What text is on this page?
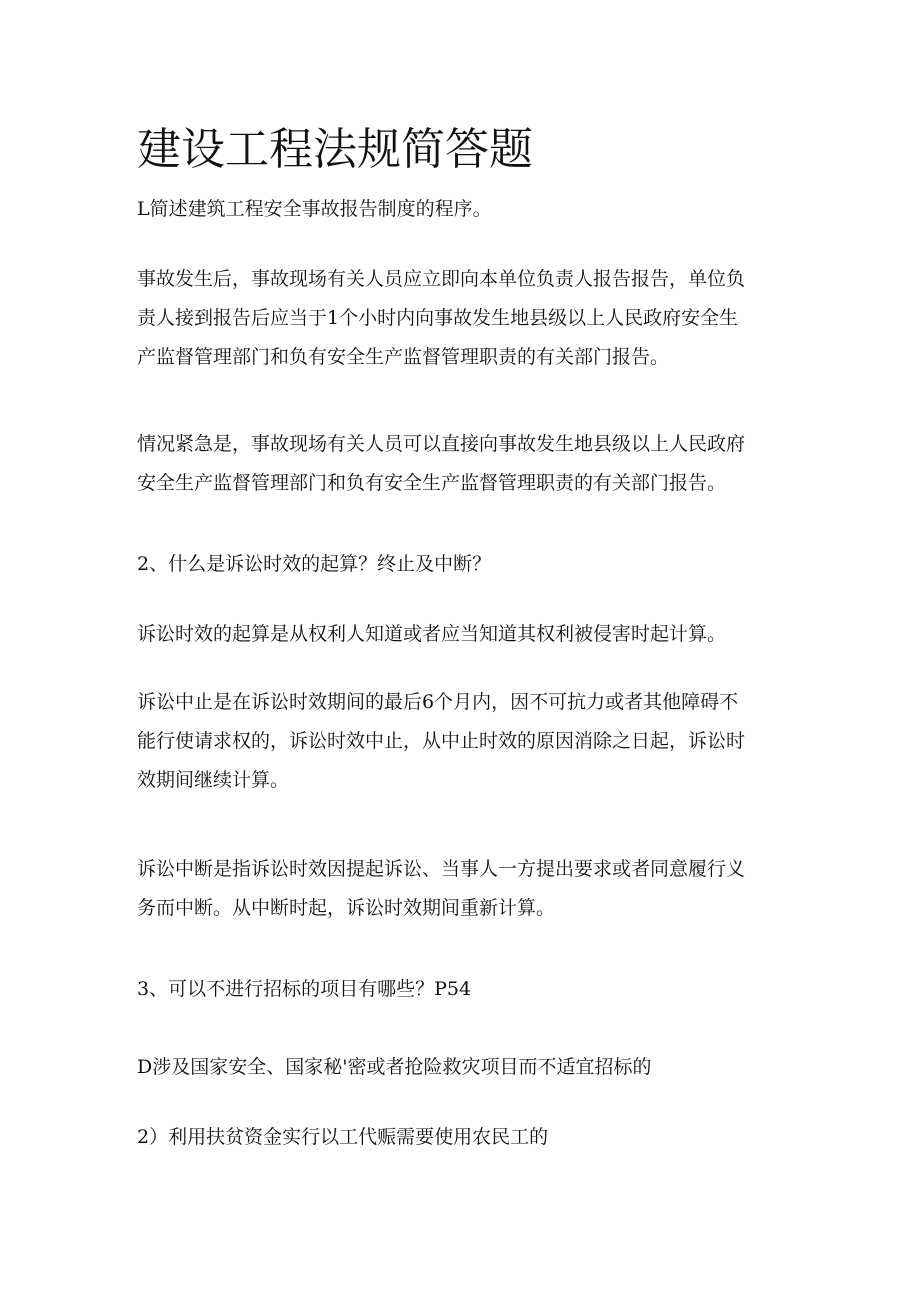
建设工程法规简答题

L简述建筑工程安全事故报告制度的程序。

事故发生后，事故现场有关人员应立即向本单位负责人报告报告，单位负
责人接到报告后应当于1个小时内向事故发生地县级以上人民政府安全生
产监督管理部门和负有安全生产监督管理职责的有关部门报告。

情况紧急是，事故现场有关人员可以直接向事故发生地县级以上人民政府
安全生产监督管理部门和负有安全生产监督管理职责的有关部门报告。

2、什么是诉讼时效的起算？终止及中断？

诉讼时效的起算是从权利人知道或者应当知道其权利被侵害时起计算。

诉讼中止是在诉讼时效期间的最后6个月内，因不可抗力或者其他障碍不
能行使请求权的，诉讼时效中止，从中止时效的原因消除之日起，诉讼时
效期间继续计算。

诉讼中断是指诉讼时效因提起诉讼、当事人一方提出要求或者同意履行义
务而中断。从中断时起，诉讼时效期间重新计算。

3、可以不进行招标的项目有哪些？P54

D涉及国家安全、国家秘'密或者抢险救灾项目而不适宜招标的

2）利用扶贫资金实行以工代赈需要使用农民工的
